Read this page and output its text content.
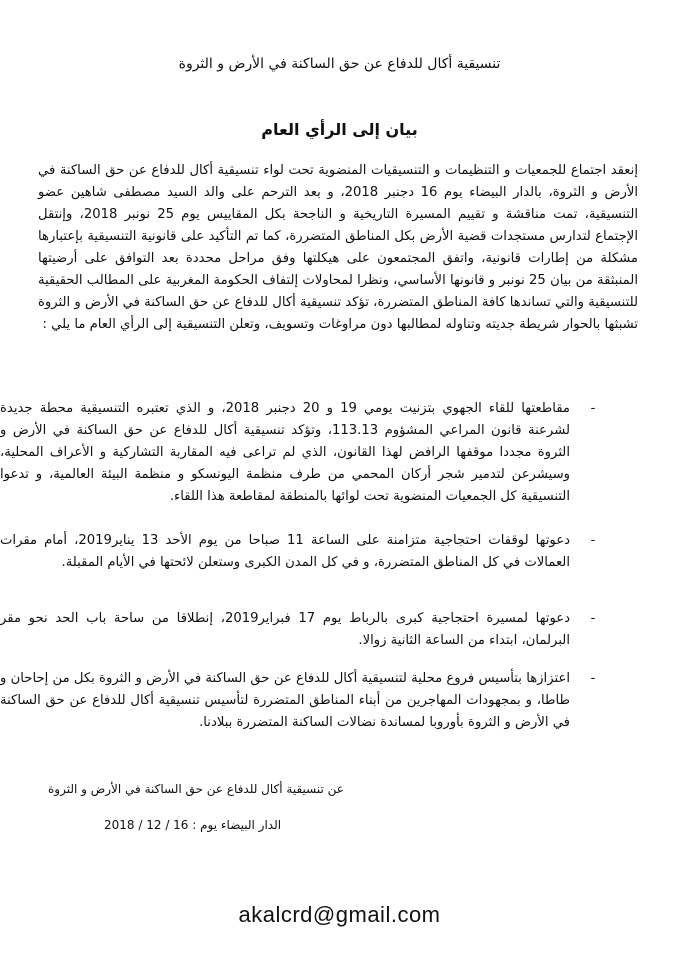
تنسيقية أكال للدفاع عن حق الساكنة في الأرض و الثروة
بيان إلى الرأي العام
إنعقد اجتماع للجمعيات و التنظيمات و التنسيقيات المنضوية تحت لواء تنسيقية أكال للدفاع عن حق الساكنة في الأرض و الثروة، بالدار البيضاء يوم 16 دجنبر 2018، و بعد الترحم على والد السيد مصطفى شاهين عضو التنسيقية، تمت مناقشة و تقييم المسيرة التاريخية و الناجحة بكل المقاييس يوم 25 نونبر 2018، وإنتقل الإجتماع لتدارس مستجدات قضية الأرض بكل المناطق المتضررة، كما تم التأكيد على قانونية التنسيقية بإعتبارها مشكلة من إطارات قانونية، واتفق المجتمعون على هيكلتها وفق مراحل محددة بعد التوافق على أرضيتها المنبثقة من بيان 25 نونبر و قانونها الأساسي، ونظرا لمحاولات إلتفاف الحكومة المغربية على المطالب الحقيقية للتنسيقية والتي تساندها كافة المناطق المتضررة، تؤكد تنسيقية أكال للدفاع عن حق الساكنة في الأرض و الثروة تشبثها بالحوار شريطة جديته وتناوله لمطالبها دون مراوغات وتسويف، وتعلن التنسيقية إلى الرأي العام ما يلي :
-
مقاطعتها للقاء الجهوي بتزنيت يومي 19 و 20 دجنبر 2018، و الذي تعتبره التنسيقية محطة جديدة لشرعنة قانون المراعي المشؤوم 113.13، وتؤكد تنسيقية أكال للدفاع عن حق الساكنة في الأرض و الثروة مجددا موقفها الرافض لهذا القانون، الذي لم تراعى فيه المقاربة التشاركية و الأعراف المحلية، وسيشرعن لتدمير شجر أركان المحمي من طرف منظمة اليونسكو و منظمة البيئة العالمية، و تدعوا التنسيقية كل الجمعيات المنضوية تحت لوائها بالمنطقة لمقاطعة هذا اللقاء.
-
دعوتها لوقفات احتجاجية متزامنة على الساعة 11 صباحا من يوم الأحد 13 يناير2019، أمام مقرات العمالات في كل المناطق المتضررة، و في كل المدن الكبرى وستعلن لائحتها في الأيام المقبلة.
-
دعوتها لمسيرة احتجاجية كبرى بالرباط يوم 17 فبراير2019، إنطلاقا من ساحة باب الحد نحو مقر البرلمان، ابتداء من الساعة الثانية زوالا.
-
اعتزازها بتأسيس فروع محلية لتنسيقية أكال للدفاع عن حق الساكنة في الأرض و الثروة بكل من إحاحان و طاطا، و بمجهودات المهاجرين من أبناء المناطق المتضررة لتأسيس تنسيقية أكال للدفاع عن حق الساكنة في الأرض و الثروة بأوروبا لمساندة نضالات الساكنة المتضررة ببلادنا.
عن تنسيقية أكال للدفاع عن حق الساكنة في الأرض و الثروة
الدار البيضاء يوم : 16 / 12 / 2018
akalcrd@gmail.com
